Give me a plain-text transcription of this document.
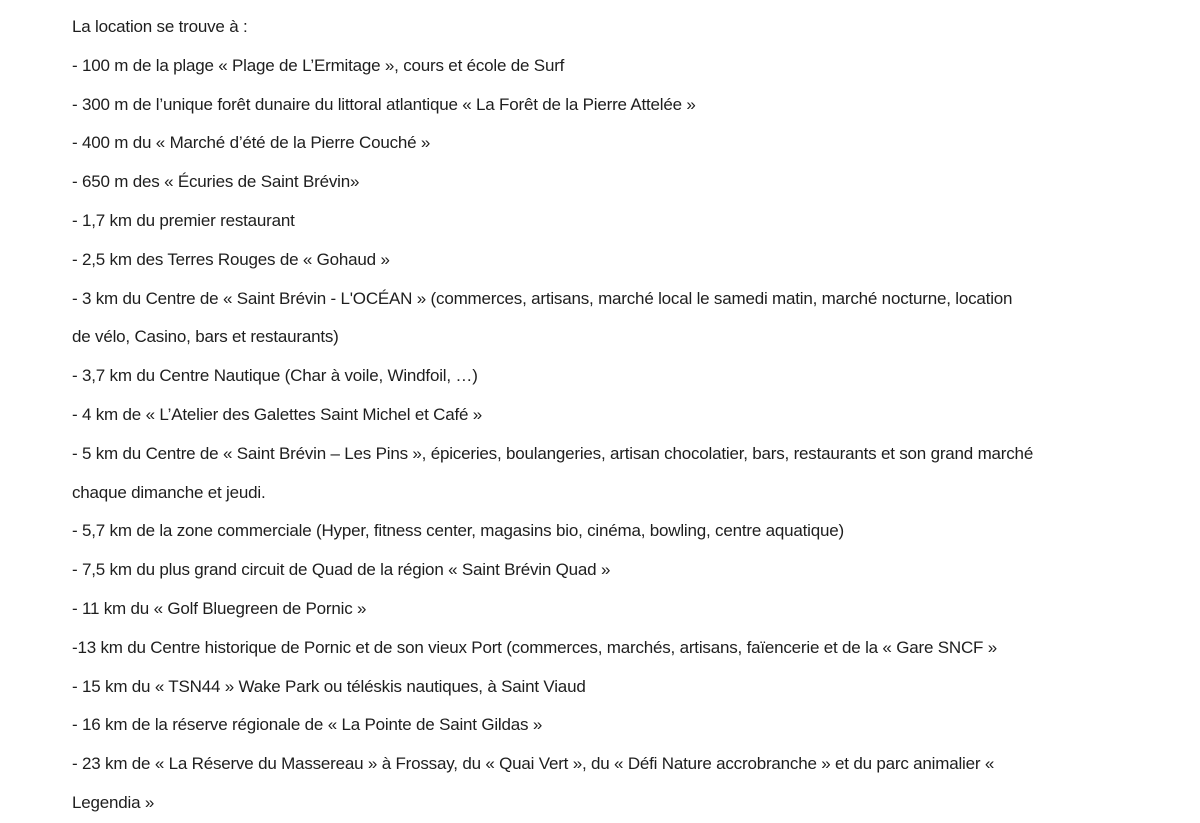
La location se trouve à :
- 100 m de la plage « Plage de L’Ermitage », cours et école de Surf
- 300 m de l’unique forêt dunaire du littoral atlantique « La Forêt de la Pierre Attelée »
- 400 m du « Marché d’été de la Pierre Couché »
- 650 m des « Écuries de Saint Brévin»
- 1,7 km du premier restaurant
- 2,5 km des Terres Rouges de « Gohaud »
- 3 km du Centre de « Saint Brévin - L'OCÉAN » (commerces, artisans, marché local le samedi matin, marché nocturne, location
de vélo, Casino, bars et restaurants)
- 3,7 km du Centre Nautique (Char à voile, Windfoil, …)
- 4 km de « L’Atelier des Galettes Saint Michel et Café »
- 5 km du Centre de « Saint Brévin – Les Pins », épiceries, boulangeries, artisan chocolatier, bars, restaurants et son grand marché
chaque dimanche et jeudi.
- 5,7 km de la zone commerciale (Hyper, fitness center, magasins bio, cinéma, bowling, centre aquatique)
- 7,5 km du plus grand circuit de Quad de la région « Saint Brévin Quad »
- 11 km du « Golf Bluegreen de Pornic »
-13 km du Centre historique de Pornic et de son vieux Port (commerces, marchés, artisans, faïencerie et de la « Gare SNCF »
- 15 km du « TSN44 » Wake Park ou téléskis nautiques, à Saint Viaud
- 16 km de la réserve régionale de « La Pointe de Saint Gildas »
- 23 km de « La Réserve du Massereau » à Frossay, du « Quai Vert », du « Défi Nature accrobranche » et du parc animalier «
Legendia »
